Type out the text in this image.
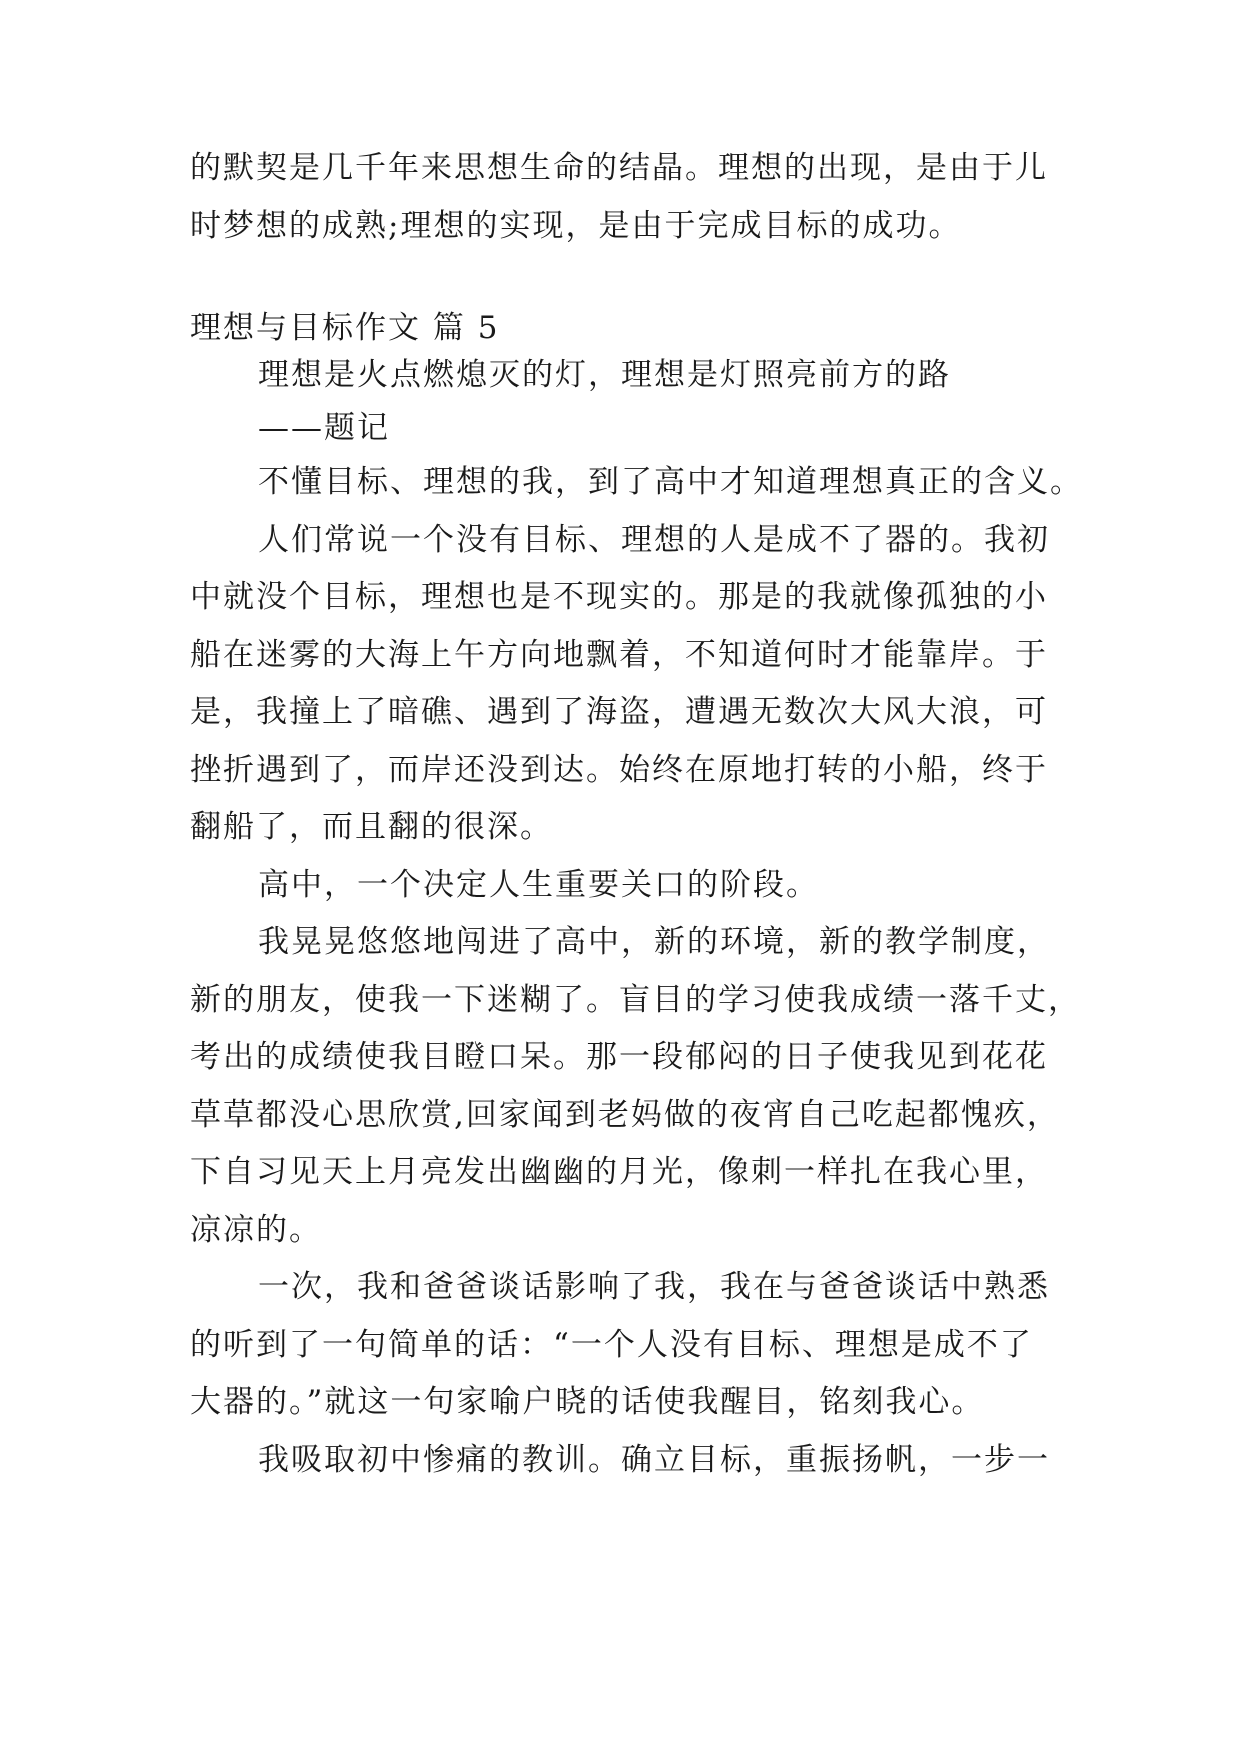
的默契是几千年来思想生命的结晶。理想的出现，是由于儿
时梦想的成熟;理想的实现，是由于完成目标的成功。
理想与目标作文 篇 5
理想是火点燃熄灭的灯，理想是灯照亮前方的路
——题记
不懂目标、理想的我，到了高中才知道理想真正的含义。
人们常说一个没有目标、理想的人是成不了器的。我初
中就没个目标，理想也是不现实的。那是的我就像孤独的小
船在迷雾的大海上午方向地飘着，不知道何时才能靠岸。于
是，我撞上了暗礁、遇到了海盗，遭遇无数次大风大浪，可
挫折遇到了，而岸还没到达。始终在原地打转的小船，终于
翻船了，而且翻的很深。
高中，一个决定人生重要关口的阶段。
我晃晃悠悠地闯进了高中，新的环境，新的教学制度，
新的朋友，使我一下迷糊了。盲目的学习使我成绩一落千丈，
考出的成绩使我目瞪口呆。那一段郁闷的日子使我见到花花
草草都没心思欣赏,回家闻到老妈做的夜宵自己吃起都愧疚，
下自习见天上月亮发出幽幽的月光，像刺一样扎在我心里，
凉凉的。
一次，我和爸爸谈话影响了我，我在与爸爸谈话中熟悉
的听到了一句简单的话：“一个人没有目标、理想是成不了
大器的。”就这一句家喻户晓的话使我醒目，铭刻我心。
我吸取初中惨痛的教训。确立目标，重振扬帆，一步一
